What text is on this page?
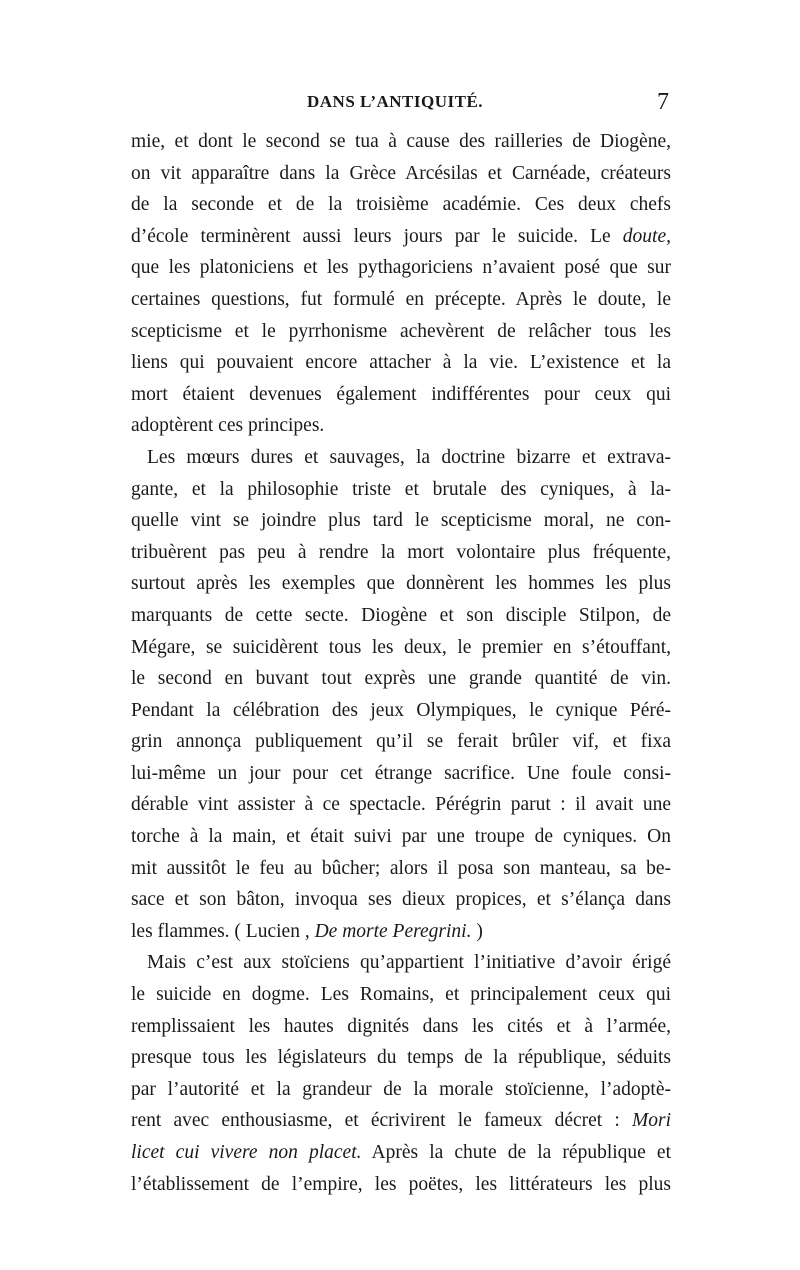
DANS L’ANTIQUITÉ.	7
mie, et dont le second se tua à cause des railleries de Diogène,
on vit apparaître dans la Grèce Arcésilas et Carnéade, créateurs
de la seconde et de la troisième académie. Ces deux chefs
d’école terminèrent aussi leurs jours par le suicide. Le doute,
que les platoniciens et les pythagoriciens n’avaient posé que sur
certaines questions, fut formulé en précepte. Après le doute, le
scepticisme et le pyrrhonisme achevèrent de relâcher tous les
liens qui pouvaient encore attacher à la vie. L’existence et la
mort étaient devenues également indifférentes pour ceux qui
adoptèrent ces principes.
Les mœurs dures et sauvages, la doctrine bizarre et extrava-
gante, et la philosophie triste et brutale des cyniques, à la-
quelle vint se joindre plus tard le scepticisme moral, ne con-
tribuèrent pas peu à rendre la mort volontaire plus fréquente,
surtout après les exemples que donnèrent les hommes les plus
marquants de cette secte. Diogène et son disciple Stilpon, de
Mégare, se suicidèrent tous les deux, le premier en s’étouffant,
le second en buvant tout exprès une grande quantité de vin.
Pendant la célébration des jeux Olympiques, le cynique Péré-
grin annonça publiquement qu’il se ferait brûler vif, et fixa
lui-même un jour pour cet étrange sacrifice. Une foule consi-
dérable vint assister à ce spectacle. Pérégrin parut : il avait une
torche à la main, et était suivi par une troupe de cyniques. On
mit aussitôt le feu au bûcher; alors il posa son manteau, sa be-
sace et son bâton, invoqua ses dieux propices, et s’élança dans
les flammes. ( Lucien , De morte Peregrini. )
Mais c’est aux stoïciens qu’appartient l’initiative d’avoir érigé
le suicide en dogme. Les Romains, et principalement ceux qui
remplissaient les hautes dignités dans les cités et à l’armée,
presque tous les législateurs du temps de la république, séduits
par l’autorité et la grandeur de la morale stoïcienne, l’adoptè-
rent avec enthousiasme, et écrivirent le fameux décret : Mori
licet cui vivere non placet. Après la chute de la république et
l’établissement de l’empire, les poëtes, les littérateurs les plus
